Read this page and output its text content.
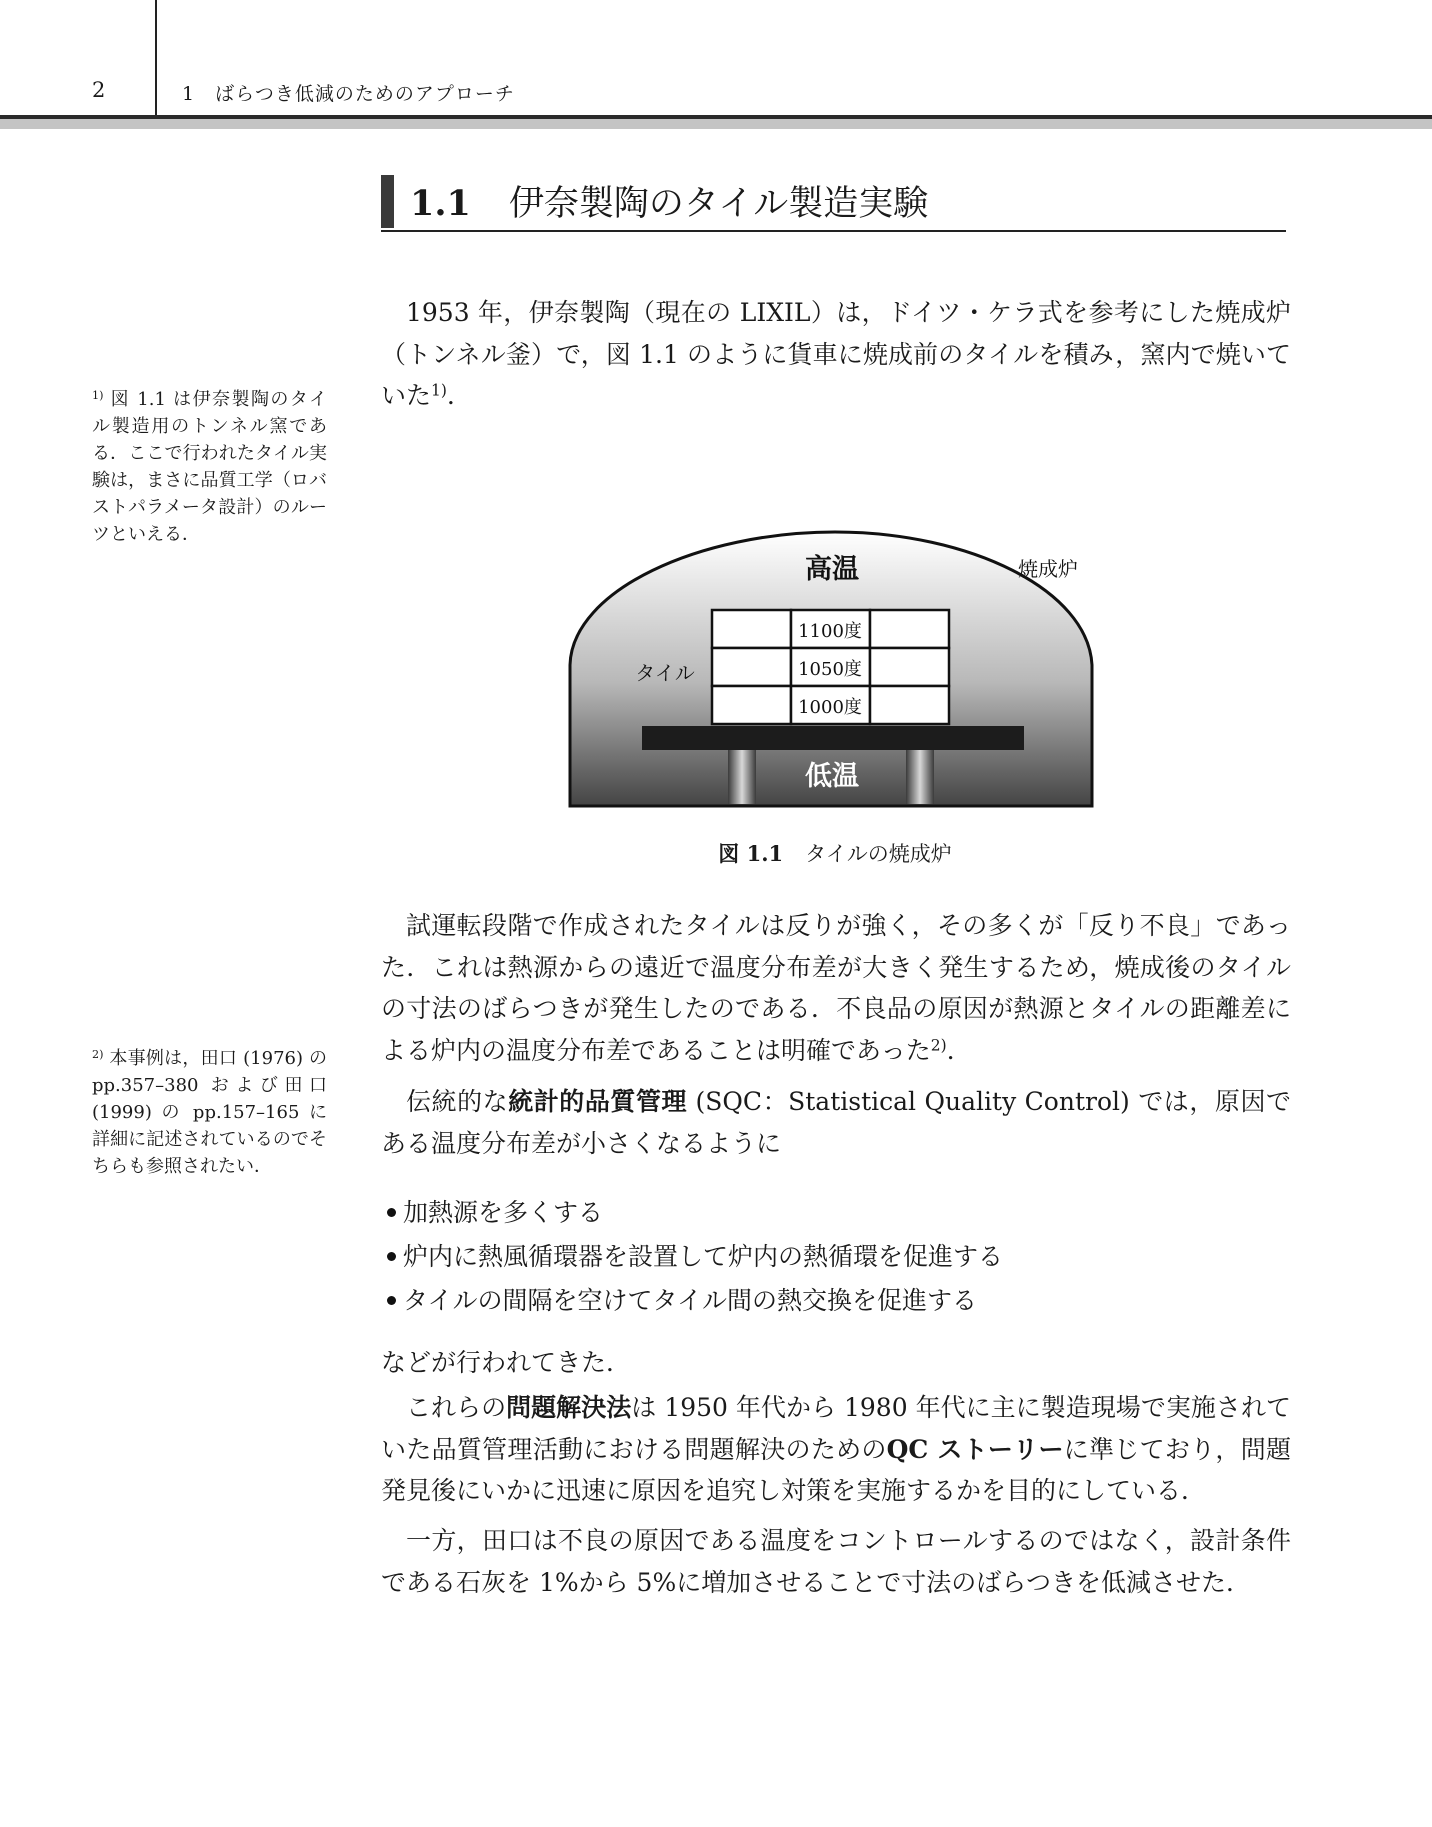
2	1　ばらつき低減のためのアプローチ
1.1 伊奈製陶のタイル製造実験

1953 年，伊奈製陶（現在の LIXIL）は，ドイツ・ケラ式を参考にした焼成炉（トンネル釜）で，図 1.1 のように貨車に焼成前のタイルを積み，窯内で焼いていた$^{1)}$．

$^{1)}$ 図 1.1 は伊奈製陶のタイル製造用のトンネル窯である．ここで行われたタイル実験は，まさに品質工学（ロバストパラメータ設計）のルーツといえる．

高温
低温
焼成炉
タイル
1100度
1050度
1000度
図 1.1 タイルの焼成炉

試運転段階で作成されたタイルは反りが強く，その多くが「反り不良」であった．これは熱源からの遠近で温度分布差が大きく発生するため，焼成後のタイルの寸法のばらつきが発生したのである．不良品の原因が熱源とタイルの距離差による炉内の温度分布差であることは明確であった$^{2)}$．

$^{2)}$ 本事例は，田口 (1976) の pp.357–380 および田口 (1999) の pp.157–165 に詳細に記述されているのでそちらも参照されたい．

伝統的な統計的品質管理 (SQC：Statistical Quality Control) では，原因である温度分布差が小さくなるように

加熱源を多くする
炉内に熱風循環器を設置して炉内の熱循環を促進する
タイルの間隔を空けてタイル間の熱交換を促進する

などが行われてきた．

これらの問題解決法は 1950 年代から 1980 年代に主に製造現場で実施されていた品質管理活動における問題解決のためのQC ストーリーに準じており，問題発見後にいかに迅速に原因を追究し対策を実施するかを目的にしている．

一方，田口は不良の原因である温度をコントロールするのではなく，設計条件である石灰を 1%から 5%に増加させることで寸法のばらつきを低減させた．
